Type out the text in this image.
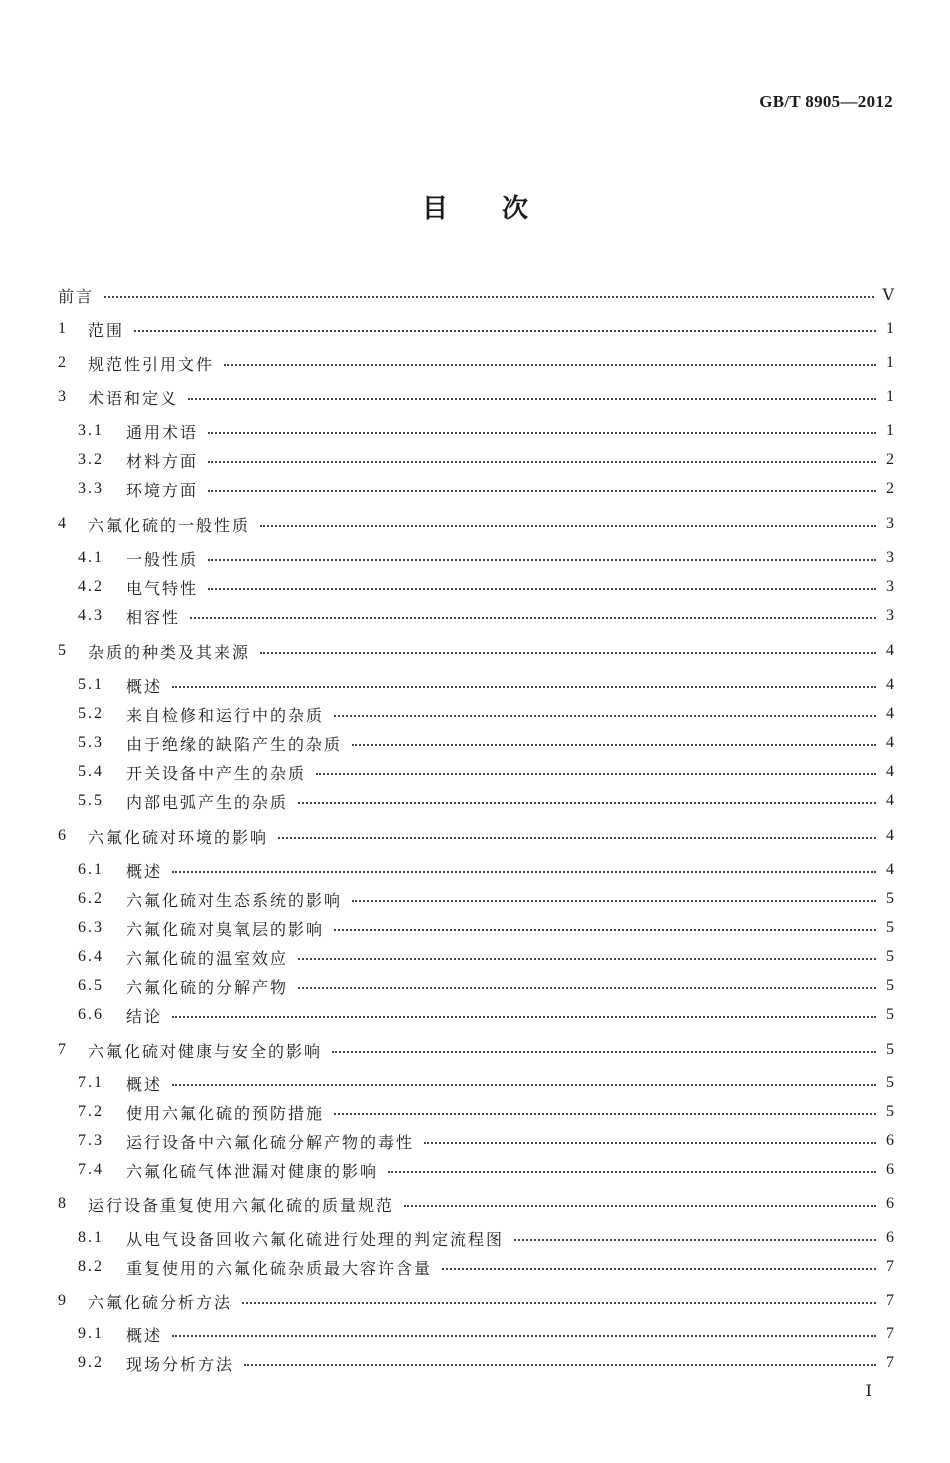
GB/T 8905—2012
目次
前言	Ⅴ
1 范围	1
2 规范性引用文件	1
3 术语和定义	1
3.1 通用术语	1
3.2 材料方面	2
3.3 环境方面	2
4 六氟化硫的一般性质	3
4.1 一般性质	3
4.2 电气特性	3
4.3 相容性	3
5 杂质的种类及其来源	4
5.1 概述	4
5.2 来自检修和运行中的杂质	4
5.3 由于绝缘的缺陷产生的杂质	4
5.4 开关设备中产生的杂质	4
5.5 内部电弧产生的杂质	4
6 六氟化硫对环境的影响	4
6.1 概述	4
6.2 六氟化硫对生态系统的影响	5
6.3 六氟化硫对臭氧层的影响	5
6.4 六氟化硫的温室效应	5
6.5 六氟化硫的分解产物	5
6.6 结论	5
7 六氟化硫对健康与安全的影响	5
7.1 概述	5
7.2 使用六氟化硫的预防措施	5
7.3 运行设备中六氟化硫分解产物的毒性	6
7.4 六氟化硫气体泄漏对健康的影响	6
8 运行设备重复使用六氟化硫的质量规范	6
8.1 从电气设备回收六氟化硫进行处理的判定流程图	6
8.2 重复使用的六氟化硫杂质最大容许含量	7
9 六氟化硫分析方法	7
9.1 概述	7
9.2 现场分析方法	7
Ⅰ
